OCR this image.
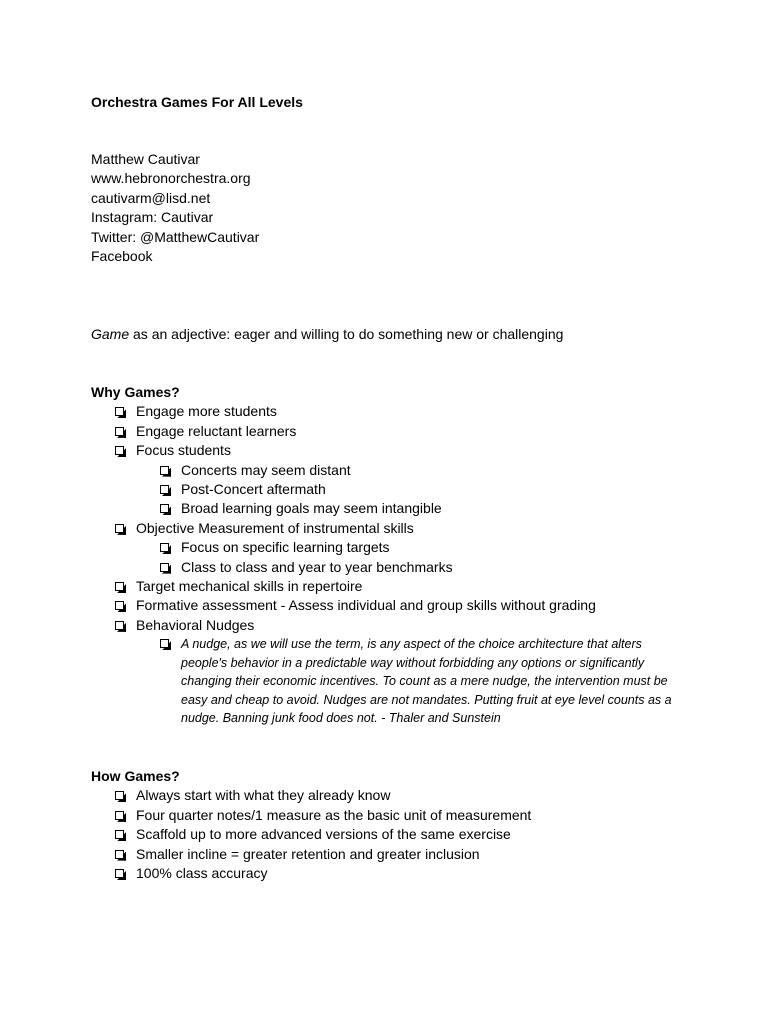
Orchestra Games For All Levels
Matthew Cautivar
www.hebronorchestra.org
cautivarm@lisd.net
Instagram: Cautivar
Twitter: @MatthewCautivar
Facebook
Game as an adjective: eager and willing to do something new or challenging
Why Games?
Engage more students
Engage reluctant learners
Focus students
Concerts may seem distant
Post-Concert aftermath
Broad learning goals may seem intangible
Objective Measurement of instrumental skills
Focus on specific learning targets
Class to class and year to year benchmarks
Target mechanical skills in repertoire
Formative assessment - Assess individual and group skills without grading
Behavioral Nudges
A nudge, as we will use the term, is any aspect of the choice architecture that alters people's behavior in a predictable way without forbidding any options or significantly changing their economic incentives. To count as a mere nudge, the intervention must be easy and cheap to avoid. Nudges are not mandates. Putting fruit at eye level counts as a nudge. Banning junk food does not. - Thaler and Sunstein
How Games?
Always start with what they already know
Four quarter notes/1 measure as the basic unit of measurement
Scaffold up to more advanced versions of the same exercise
Smaller incline = greater retention and greater inclusion
100% class accuracy
